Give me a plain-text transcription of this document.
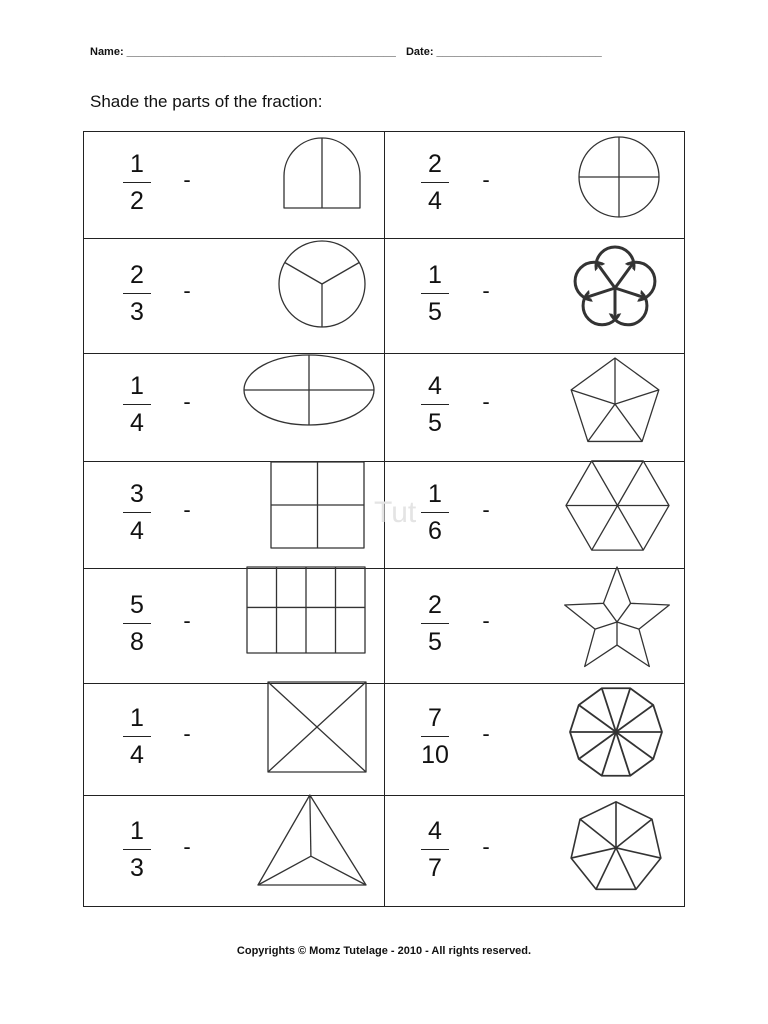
Name: ____________________________________________ Date: ___________________________
Shade the parts of the fraction:
Tut
Copyrights © Momz Tutelage - 2010 - All rights reserved.
1
2
-
2
4
-
2
3
-
1
5
-
1
4
-
4
5
-
3
4
-
1
6
-
5
8
-
2
5
-
1
4
-
7
10
-
1
3
-
4
7
-
